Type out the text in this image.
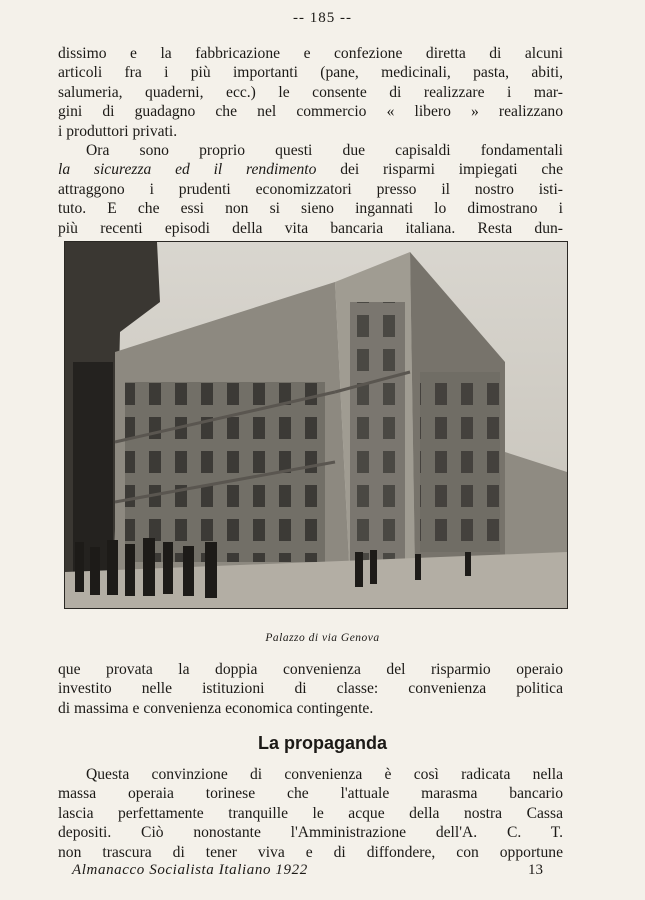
-- 185 --
dissimo e la fabbricazione e confezione diretta di alcuni
articoli fra i più importanti (pane, medicinali, pasta, abiti,
salumeria, quaderni, ecc.) le consente di realizzare i mar-
gini di guadagno che nel commercio « libero » realizzano
i produttori privati.
Ora sono proprio questi due capisaldi fondamentali
la sicurezza ed il rendimento dei risparmi impiegati che
attraggono i prudenti economizzatori presso il nostro isti-
tuto. E che essi non si sieno ingannati lo dimostrano i
più recenti episodi della vita bancaria italiana. Resta dun-
Palazzo di via Genova
que provata la doppia convenienza del risparmio operaio
investito nelle istituzioni di classe: convenienza politica
di massima e convenienza economica contingente.
La propaganda
Questa convinzione di convenienza è così radicata nella
massa operaia torinese che l'attuale marasma bancario
lascia perfettamente tranquille le acque della nostra Cassa
depositi. Ciò nonostante l'Amministrazione dell'A. C. T.
non trascura di tener viva e di diffondere, con opportune
Almanacco Socialista Italiano 1922	13
